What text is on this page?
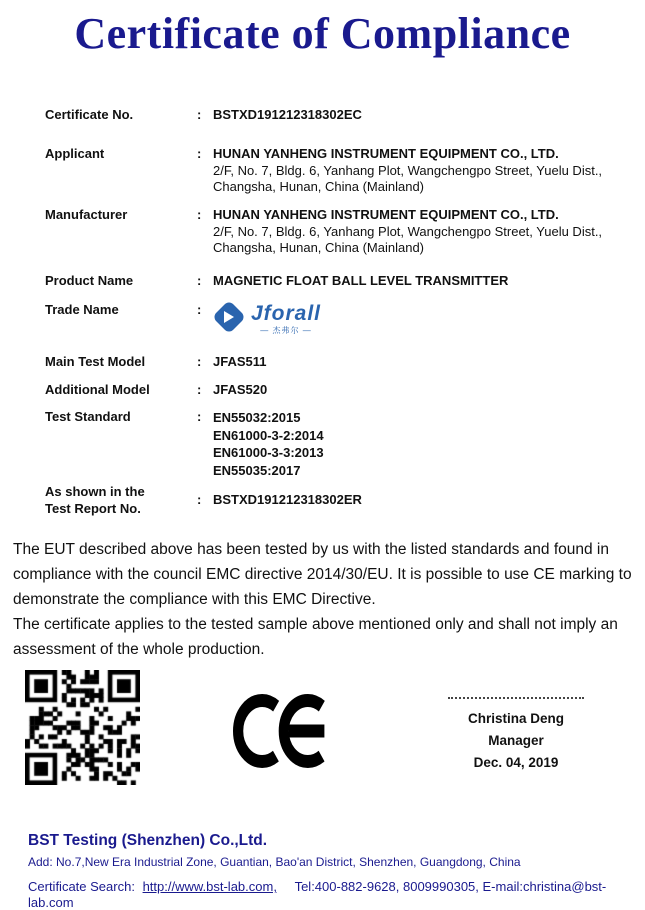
Certificate of Compliance
Certificate No.	: BSTXD191212318302EC
Applicant	: HUNAN YANHENG INSTRUMENT EQUIPMENT CO., LTD.
2/F, No. 7, Bldg. 6, Yanhang Plot, Wangchengpo Street, Yuelu Dist.,
Changsha, Hunan, China (Mainland)
Manufacturer	: HUNAN YANHENG INSTRUMENT EQUIPMENT CO., LTD.
2/F, No. 7, Bldg. 6, Yanhang Plot, Wangchengpo Street, Yuelu Dist.,
Changsha, Hunan, China (Mainland)
Product Name	: MAGNETIC FLOAT BALL LEVEL TRANSMITTER
Trade Name	:	Jforall
— 杰弗尔 —
Main Test Model	: JFAS511
Additional Model	: JFAS520
Test Standard	: EN55032:2015
EN61000-3-2:2014
EN61000-3-3:2013
EN55035:2017
As shown in the
Test Report No.
: BSTXD191212318302ER

The EUT described above has been tested by us with the listed standards and found in compliance with the council EMC directive 2014/30/EU. It is possible to use CE marking to demonstrate the compliance with this EMC Directive.

The certificate applies to the tested sample above mentioned only and shall not imply an assessment of the whole production.

Christina Deng
Manager
Dec. 04, 2019
BST Testing (Shenzhen) Co.,Ltd.
Add: No.7,New Era Industrial Zone, Guantian, Bao'an District, Shenzhen, Guangdong, China
Certificate Search: http://www.bst-lab.com, Tel:400-882-9628, 8009990305, E-mail:christina@bst-lab.com
